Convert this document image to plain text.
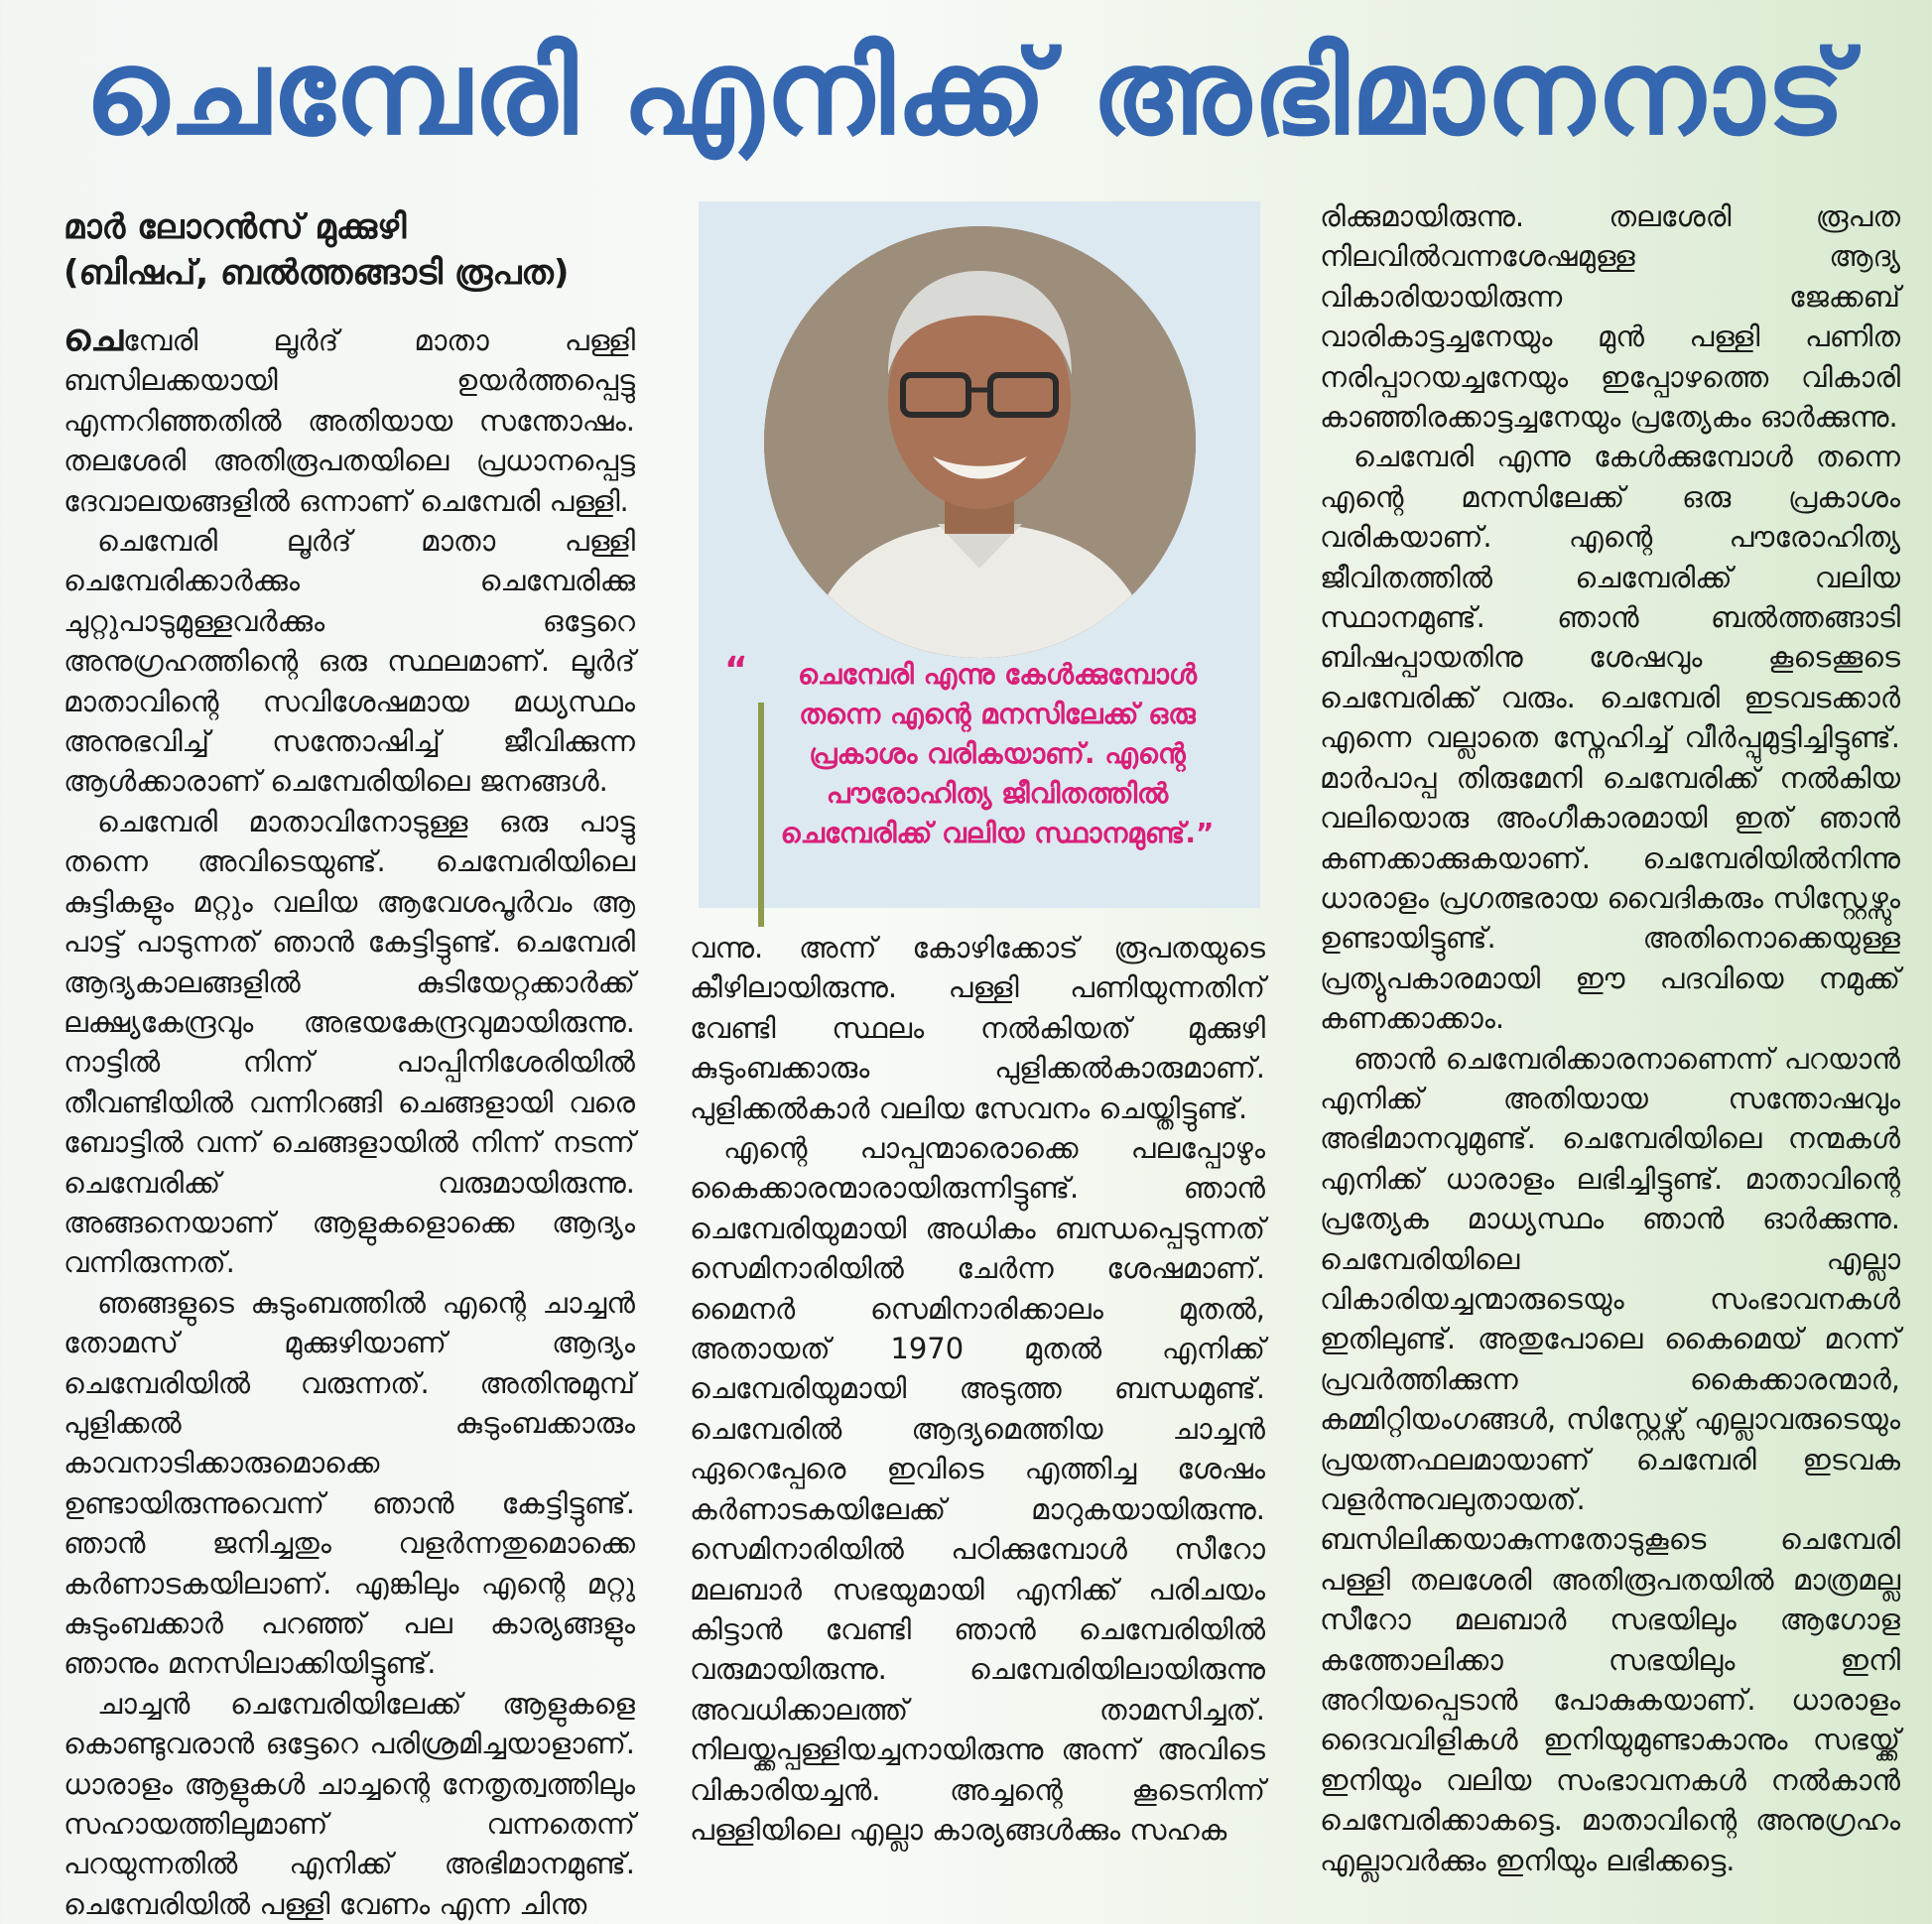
ചെമ്പേരി എനിക്ക് അഭിമാനനാട്
മാർ ലോറൻസ് മുക്കുഴി
(ബിഷപ്, ബൽത്തങ്ങാടി രൂപത)

ചെമ്പേരി ലൂർദ് മാതാ പള്ളി ബസിലക്കയായി ഉയർത്തപ്പെട്ടു എന്നറിഞ്ഞതിൽ അതിയായ സന്തോഷം. തലശേരി അതിരൂപതയിലെ പ്രധാനപ്പെട്ട ദേവാലയങ്ങളിൽ ഒന്നാണ് ചെമ്പേരി പള്ളി.

ചെമ്പേരി ലൂർദ് മാതാ പള്ളി ചെമ്പേരിക്കാർക്കും ചെമ്പേരിക്കു ചുറ്റുപാടുമുള്ളവർക്കും ഒട്ടേറെ അനുഗ്രഹത്തിന്റെ ഒരു സ്ഥലമാണ്. ലൂർദ് മാതാവിന്റെ സവിശേഷമായ മധ്യസ്ഥം അനുഭവിച്ച് സന്തോഷിച്ച് ജീവിക്കുന്ന ആൾക്കാരാണ് ചെമ്പേരിയിലെ ജനങ്ങൾ.

ചെമ്പേരി മാതാവിനോടുള്ള ഒരു പാട്ടു തന്നെ അവിടെയുണ്ട്. ചെമ്പേരിയിലെ കുട്ടികളും മറ്റും വലിയ ആവേശപൂർവം ആ പാട്ട് പാടുന്നത് ഞാൻ കേട്ടിട്ടുണ്ട്. ചെമ്പേരി ആദ്യകാലങ്ങളിൽ കുടിയേറ്റക്കാർക്ക് ലക്ഷ്യകേന്ദ്രവും അഭയകേന്ദ്രവുമായിരുന്നു. നാട്ടിൽ നിന്ന് പാപ്പിനിശേരിയിൽ തീവണ്ടിയിൽ വന്നിറങ്ങി ചെങ്ങളായി വരെ ബോട്ടിൽ വന്ന് ചെങ്ങളായിൽ നിന്ന് നടന്ന് ചെമ്പേരിക്ക് വരുമായിരുന്നു. അങ്ങനെയാണ് ആളുകളൊക്കെ ആദ്യം വന്നിരുന്നത്.

ഞങ്ങളുടെ കുടുംബത്തിൽ എന്റെ ചാച്ചൻ തോമസ് മുക്കുഴിയാണ് ആദ്യം ചെമ്പേരിയിൽ വരുന്നത്. അതിനുമുമ്പ് പുളിക്കൽ കുടുംബക്കാരും കാവനാടിക്കാരുമൊക്കെ ഉണ്ടായിരുന്നുവെന്ന് ഞാൻ കേട്ടിട്ടുണ്ട്. ഞാൻ ജനിച്ചതും വളർന്നതുമൊക്കെ കർണാടകയിലാണ്. എങ്കിലും എന്റെ മറ്റു കുടുംബക്കാർ പറഞ്ഞ് പല കാര്യങ്ങളും ഞാനും മനസിലാക്കിയിട്ടുണ്ട്.

ചാച്ചൻ ചെമ്പേരിയിലേക്ക് ആളുകളെ കൊണ്ടുവരാൻ ഒട്ടേറെ പരിശ്രമിച്ചയാളാണ്. ധാരാളം ആളുകൾ ചാച്ചന്റെ നേതൃത്വത്തിലും സഹായത്തിലുമാണ് വന്നതെന്ന് പറയുന്നതിൽ എനിക്ക് അഭിമാനമുണ്ട്. ചെമ്പേരിയിൽ പള്ളി വേണം എന്ന ചിന്ത

“	ചെമ്പേരി എന്നു കേൾക്കുമ്പോൾ തന്നെ എന്റെ മനസിലേക്ക് ഒരു പ്രകാശം വരികയാണ്. എന്റെ പൗരോഹിത്യ ജീവിതത്തിൽ ചെമ്പേരിക്ക് വലിയ സ്ഥാനമുണ്ട്.”

വന്നു. അന്ന് കോഴിക്കോട് രൂപതയുടെ കീഴിലായിരുന്നു. പള്ളി പണിയുന്നതിന് വേണ്ടി സ്ഥലം നൽകിയത് മുക്കുഴി കുടുംബക്കാരും പുളിക്കൽകാരുമാണ്. പുളിക്കൽകാർ വലിയ സേവനം ചെയ്തിട്ടുണ്ട്.

എന്റെ പാപ്പന്മാരൊക്കെ പലപ്പോഴും കൈക്കാരന്മാരായിരുന്നിട്ടുണ്ട്. ഞാൻ ചെമ്പേരിയുമായി അധികം ബന്ധപ്പെടുന്നത് സെമിനാരിയിൽ ചേർന്ന ശേഷമാണ്. മൈനർ സെമിനാരിക്കാലം മുതൽ, അതായത് 1970 മുതൽ എനിക്ക് ചെമ്പേരിയുമായി അടുത്ത ബന്ധമുണ്ട്. ചെമ്പേരിൽ ആദ്യമെത്തിയ ചാച്ചൻ ഏറെപ്പേരെ ഇവിടെ എത്തിച്ച ശേഷം കർണാടകയിലേക്ക് മാറുകയായിരുന്നു. സെമിനാരിയിൽ പഠിക്കുമ്പോൾ സീറോ മലബാർ സഭയുമായി എനിക്ക് പരിചയം കിട്ടാൻ വേണ്ടി ഞാൻ ചെമ്പേരിയിൽ വരുമായിരുന്നു. ചെമ്പേരിയിലായിരുന്നു അവധിക്കാലത്ത് താമസിച്ചത്. നിലയ്ക്കപ്പള്ളിയച്ചനായിരുന്നു അന്ന് അവിടെ വികാരിയച്ചൻ. അച്ചന്റെ കൂടെനിന്ന് പള്ളിയിലെ എല്ലാ കാര്യങ്ങൾക്കും സഹക

രിക്കുമായിരുന്നു. തലശേരി രൂപത നിലവിൽവന്നശേഷമുള്ള ആദ്യ വികാരിയായിരുന്ന ജേക്കബ് വാരികാട്ടച്ചനേയും മുൻ പള്ളി പണിത നരിപ്പാറയച്ചനേയും ഇപ്പോഴത്തെ വികാരി കാഞ്ഞിരക്കാട്ടച്ചനേയും പ്രത്യേകം ഓർക്കുന്നു.

ചെമ്പേരി എന്നു കേൾക്കുമ്പോൾ തന്നെ എന്റെ മനസിലേക്ക് ഒരു പ്രകാശം വരികയാണ്. എന്റെ പൗരോഹിത്യ ജീവിതത്തിൽ ചെമ്പേരിക്ക് വലിയ സ്ഥാനമുണ്ട്. ഞാൻ ബൽത്തങ്ങാടി ബിഷപ്പായതിനു ശേഷവും കൂടെക്കൂടെ ചെമ്പേരിക്ക് വരും. ചെമ്പേരി ഇടവടക്കാർ എന്നെ വല്ലാതെ സ്നേഹിച്ച് വീർപ്പുമുട്ടിച്ചിട്ടുണ്ട്. മാർപാപ്പ തിരുമേനി ചെമ്പേരിക്ക് നൽകിയ വലിയൊരു അംഗീകാരമായി ഇത് ഞാൻ കണക്കാക്കുകയാണ്. ചെമ്പേരിയിൽനിന്നു ധാരാളം പ്രഗത്ഭരായ വൈദികരും സിസ്റ്റേഴ്സും ഉണ്ടായിട്ടുണ്ട്. അതിനൊക്കെയുള്ള പ്രത്യുപകാരമായി ഈ പദവിയെ നമുക്ക് കണക്കാക്കാം.

ഞാൻ ചെമ്പേരിക്കാരനാണെന്ന് പറയാൻ എനിക്ക് അതിയായ സന്തോഷവും അഭിമാനവുമുണ്ട്. ചെമ്പേരിയിലെ നന്മകൾ എനിക്ക് ധാരാളം ലഭിച്ചിട്ടുണ്ട്. മാതാവിന്റെ പ്രത്യേക മാധ്യസ്ഥം ഞാൻ ഓർക്കുന്നു. ചെമ്പേരിയിലെ എല്ലാ വികാരിയച്ചന്മാരുടെയും സംഭാവനകൾ ഇതിലുണ്ട്. അതുപോലെ കൈമെയ് മറന്ന് പ്രവർത്തിക്കുന്ന കൈക്കാരന്മാർ, കമ്മിറ്റിയംഗങ്ങൾ, സിസ്റ്റേഴ്സ് എല്ലാവരുടെയും പ്രയത്നഫലമായാണ് ചെമ്പേരി ഇടവക വളർന്നുവലുതായത്. ബസിലിക്കയാകുന്നതോടുകൂടെ ചെമ്പേരി പള്ളി തലശേരി അതിരൂപതയിൽ മാത്രമല്ല സീറോ മലബാർ സഭയിലും ആഗോള കത്തോലിക്കാ സഭയിലും ഇനി അറിയപ്പെടാൻ പോകുകയാണ്. ധാരാളം ദൈവവിളികൾ ഇനിയുമുണ്ടാകാനും സഭയ്ക്ക് ഇനിയും വലിയ സംഭാവനകൾ നൽകാൻ ചെമ്പേരിക്കാകട്ടെ. മാതാവിന്റെ അനുഗ്രഹം എല്ലാവർക്കും ഇനിയും ലഭിക്കട്ടെ.
